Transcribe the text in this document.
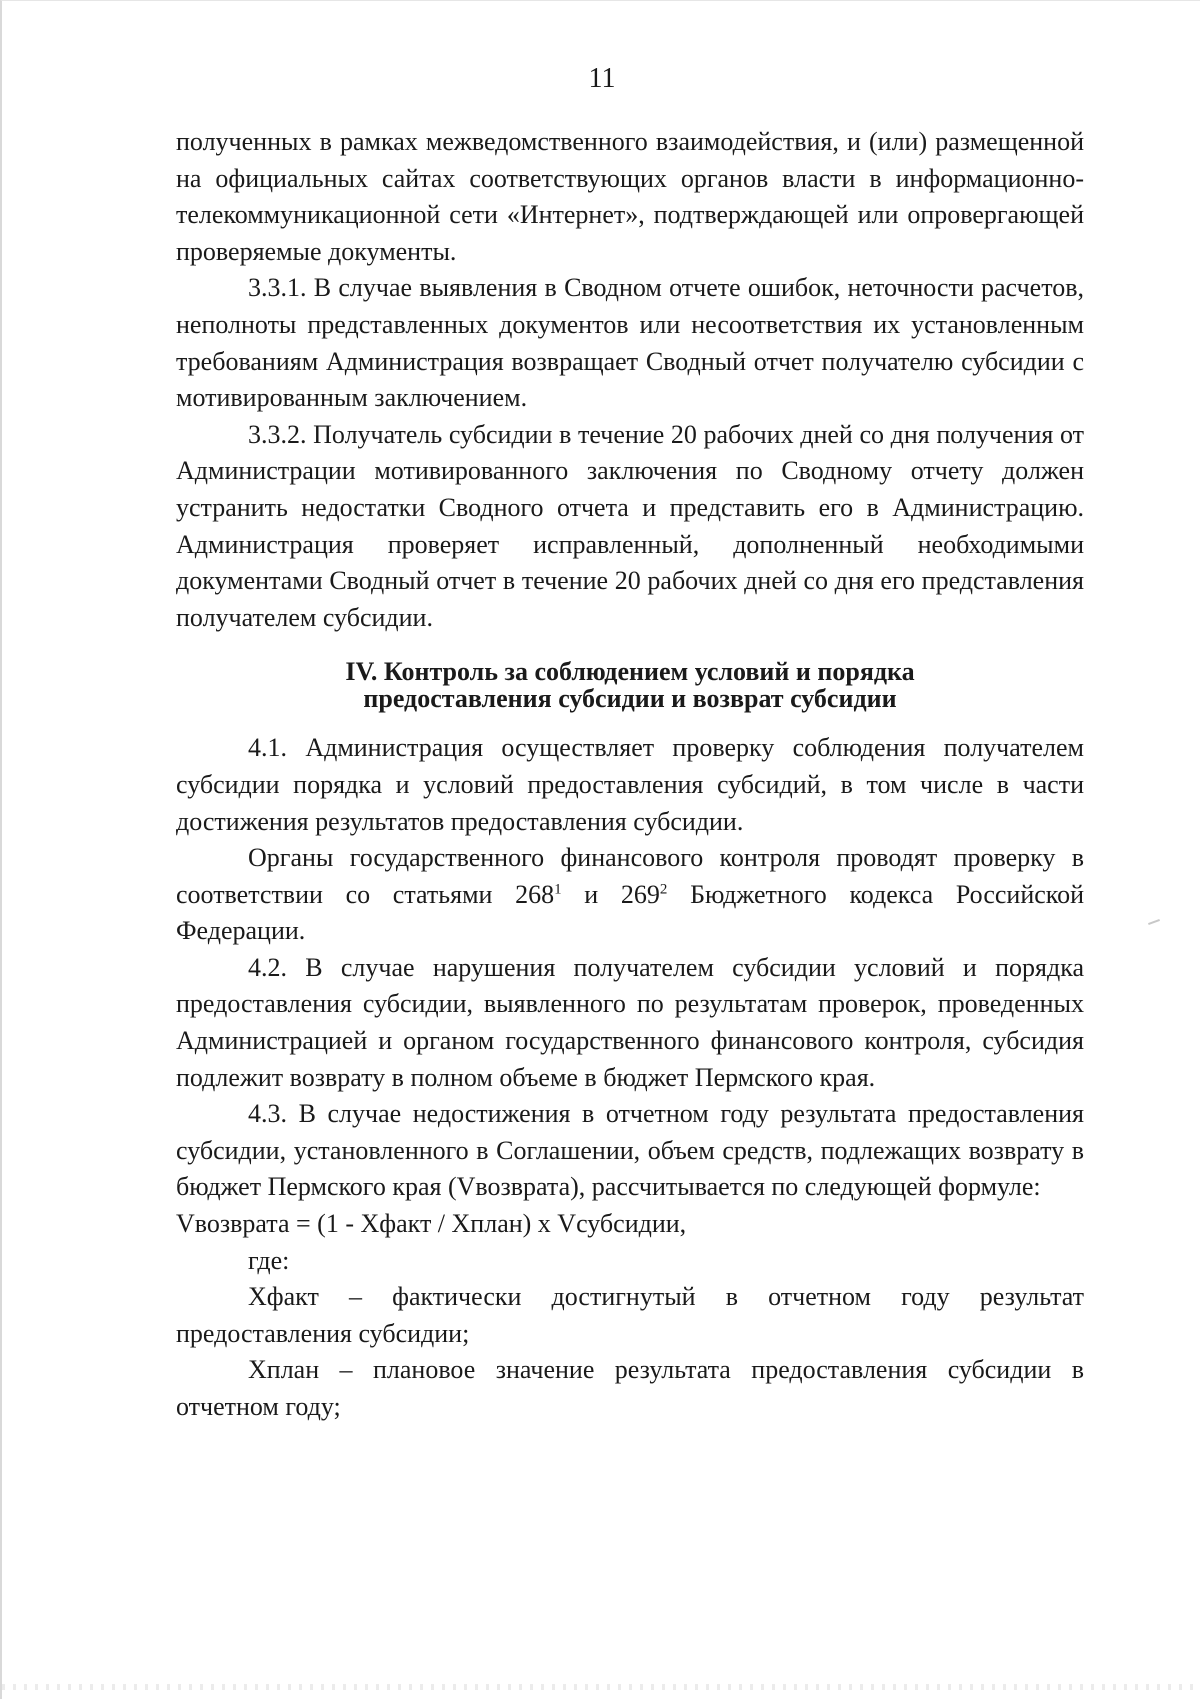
11

полученных в рамках межведомственного взаимодействия, и (или) размещенной на официальных сайтах соответствующих органов власти в информационно-телекоммуникационной сети «Интернет», подтверждающей или опровергающей проверяемые документы.

3.3.1. В случае выявления в Сводном отчете ошибок, неточности расчетов, неполноты представленных документов или несоответствия их установленным требованиям Администрация возвращает Сводный отчет получателю субсидии с мотивированным заключением.

3.3.2. Получатель субсидии в течение 20 рабочих дней со дня получения от Администрации мотивированного заключения по Сводному отчету должен устранить недостатки Сводного отчета и представить его в Администрацию. Администрация проверяет исправленный, дополненный необходимыми документами Сводный отчет в течение 20 рабочих дней со дня его представления получателем субсидии.

IV. Контроль за соблюдением условий и порядка
предоставления субсидии и возврат субсидии

4.1. Администрация осуществляет проверку соблюдения получателем субсидии порядка и условий предоставления субсидий, в том числе в части достижения результатов предоставления субсидии.

Органы государственного финансового контроля проводят проверку в соответствии со статьями $268^1$ и $269^2$ Бюджетного кодекса Российской Федерации.

4.2. В случае нарушения получателем субсидии условий и порядка предоставления субсидии, выявленного по результатам проверок, проведенных Администрацией и органом государственного финансового контроля, субсидия подлежит возврату в полном объеме в бюджет Пермского края.

4.3. В случае недостижения в отчетном году результата предоставления субсидии, установленного в Соглашении, объем средств, подлежащих возврату в бюджет Пермского края (Vвозврата), рассчитывается по следующей формуле:

Vвозврата = (1 - Хфакт / Хплан) х Vсубсидии,

где:

Хфакт – фактически достигнутый в отчетном году результат предоставления субсидии;

Хплан – плановое значение результата предоставления субсидии в отчетном году;
